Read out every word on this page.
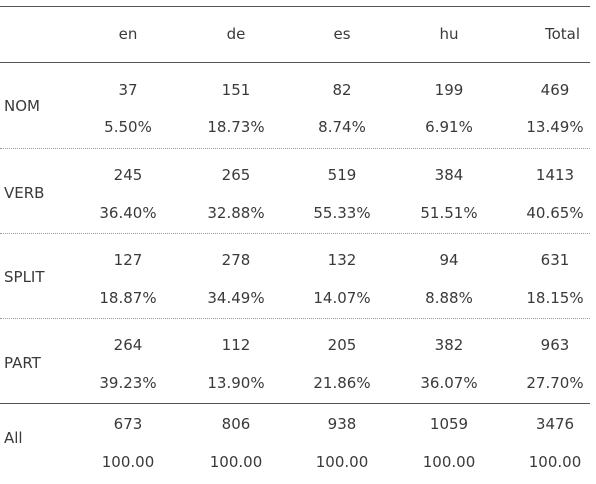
en	de	es	hu	Total
NOM
37	151	82	199	469
5.50%	18.73%	8.74%	6.91%	13.49%
VERB
245	265	519	384	1413
36.40%	32.88%	55.33%	51.51%	40.65%
SPLIT
127	278	132	94	631
18.87%	34.49%	14.07%	8.88%	18.15%
PART
264	112	205	382	963
39.23%	13.90%	21.86%	36.07%	27.70%
All
673	806	938	1059	3476
100.00	100.00	100.00	100.00	100.00
